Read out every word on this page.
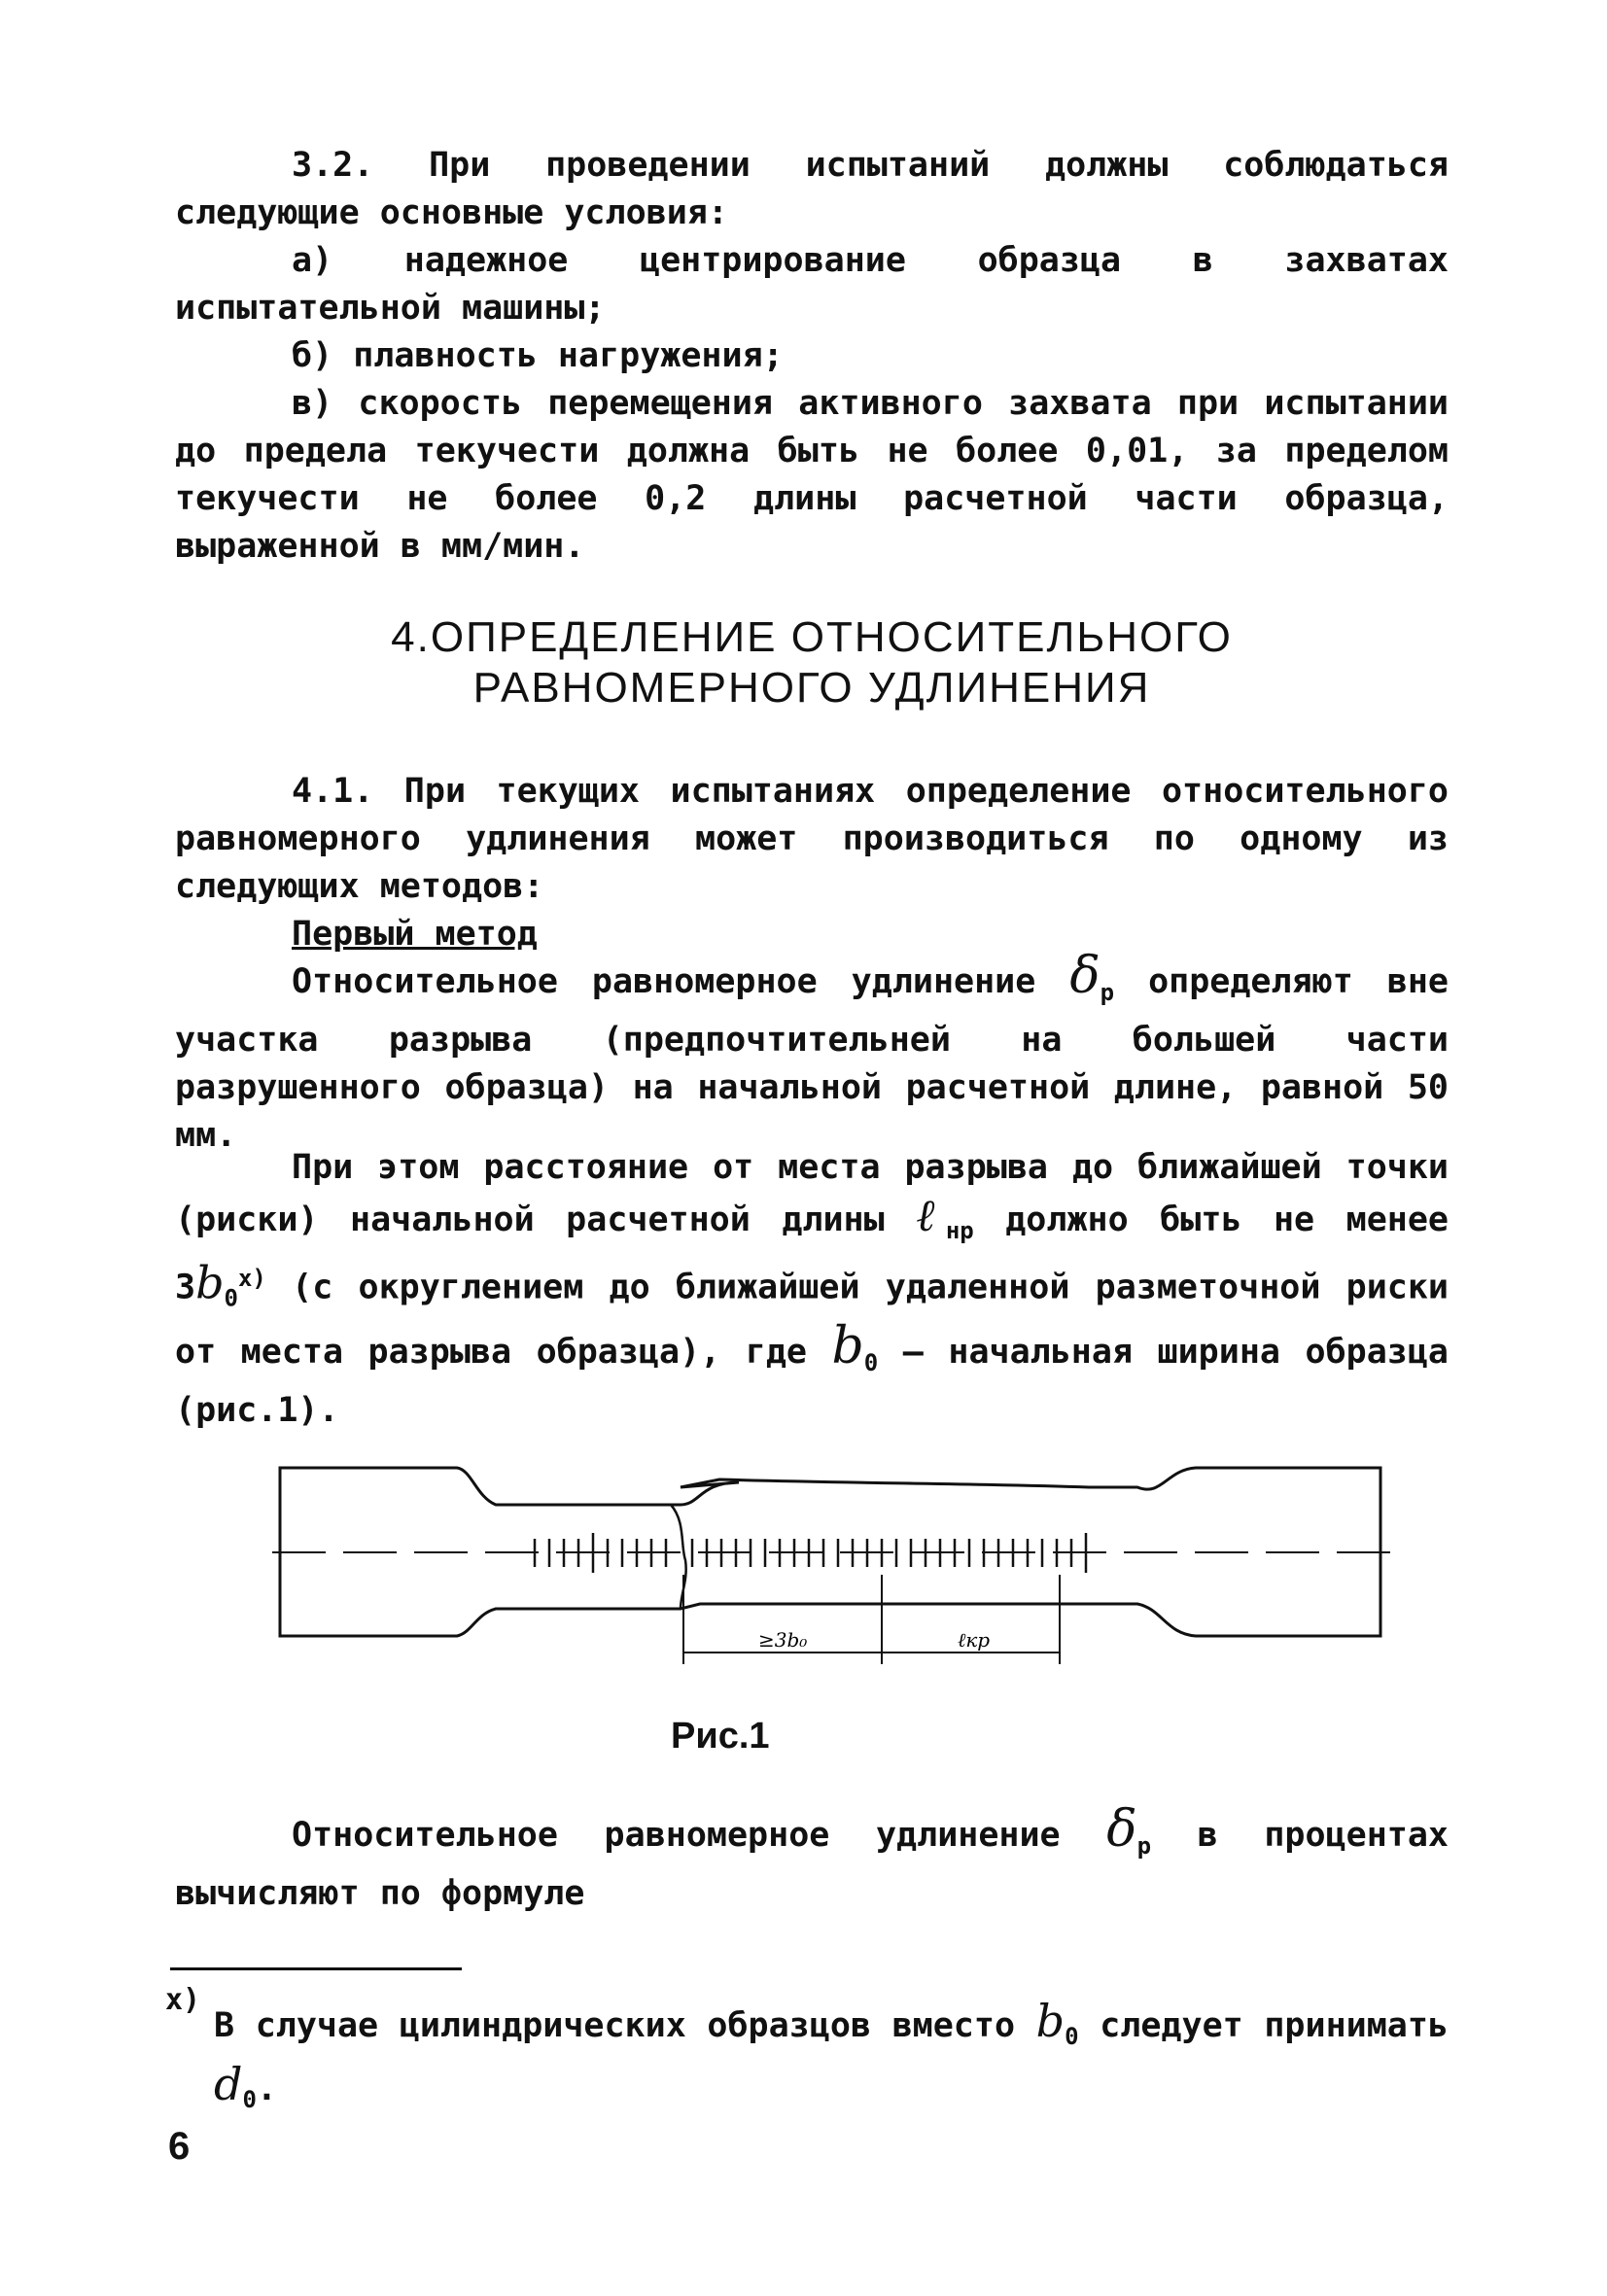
3.2. При проведении испытаний должны соблюдаться следующие основные условия:

а) надежное центрирование образца в захватах испытательной машины;

б) плавность нагружения;

в) скорость перемещения активного захвата при испытании до предела текучести должна быть не более 0,01, за пределом текучести не более 0,2 длины расчетной части образца, выраженной в мм/мин.

4.ОПРЕДЕЛЕНИЕ ОТНОСИТЕЛЬНОГО

РАВНОМЕРНОГО УДЛИНЕНИЯ

4.1. При текущих испытаниях определение относительного равномерного удлинения может производиться по одному из следующих методов:

Первый метод

Относительное равномерное удлинение $\delta_р$ определяют вне участка разрыва (предпочтительней на большей части разрушенного образца) на начальной расчетной длине, равной 50 мм.

При этом расстояние от места разрыва до ближайшей точки (риски) начальной расчетной длины ℓ$_{нр}$ должно быть не менее $3b_0^{x)}$ (с округлением до ближайшей удаленной разметочной риски от места разрыва образца), где $b_0$ – начальная ширина образца (рис.1).

≥3b₀	ℓкр
Рис.1

Относительное равномерное удлинение $\delta_р$ в процентах вычисляют по формуле

x)

В случае цилиндрических образцов вместо $b_0$ следует принимать $d_0$.

6
